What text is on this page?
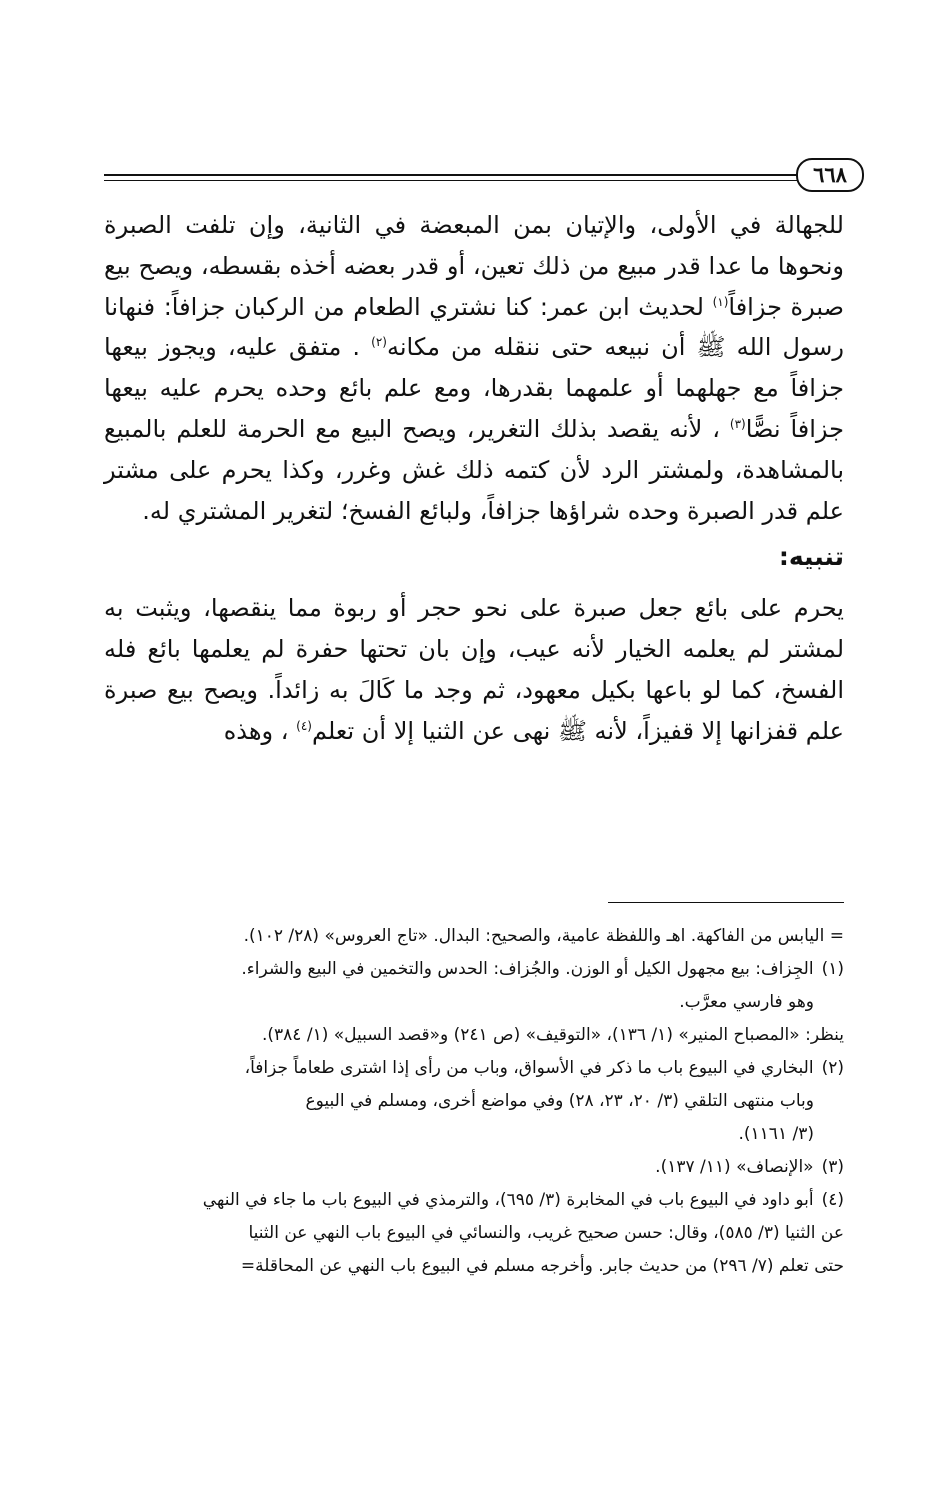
٦٦٨

للجهالة في الأولى، والإتيان بمن المبعضة في الثانية، وإن تلفت الصبرة ونحوها ما عدا قدر مبيع من ذلك تعين، أو قدر بعضه أخذه بقسطه، ويصح بيع صبرة جزافاً$^{(١)}$ لحديث ابن عمر: كنا نشتري الطعام من الركبان جزافاً: فنهانا رسول الله ﷺ أن نبيعه حتى ننقله من مكانه$^{(٢)}$ . متفق عليه، ويجوز بيعها جزافاً مع جهلهما أو علمهما بقدرها، ومع علم بائع وحده يحرم عليه بيعها جزافاً نصًّا$^{(٣)}$ ، لأنه يقصد بذلك التغرير، ويصح البيع مع الحرمة للعلم بالمبيع بالمشاهدة، ولمشتر الرد لأن كتمه ذلك غش وغرر، وكذا يحرم على مشتر علم قدر الصبرة وحده شراؤها جزافاً، ولبائع الفسخ؛ لتغرير المشتري له.

تنبيه:

يحرم على بائع جعل صبرة على نحو حجر أو ربوة مما ينقصها، ويثبت به لمشتر لم يعلمه الخيار لأنه عيب، وإن بان تحتها حفرة لم يعلمها بائع فله الفسخ، كما لو باعها بكيل معهود، ثم وجد ما كَالَ به زائداً. ويصح بيع صبرة علم قفزانها إلا قفيزاً، لأنه ﷺ نهى عن الثنيا إلا أن تعلم$^{(٤)}$ ، وهذه

= اليابس من الفاكهة. اهـ واللفظة عامية، والصحيح: البدال. «تاج العروس» (٢٨/ ١٠٢).

(١)الجِزاف: بيع مجهول الكيل أو الوزن. والجُزاف: الحدس والتخمين في البيع والشراء.

وهو فارسي معرَّب.

ينظر: «المصباح المنير» (١/ ١٣٦)، «التوقيف» (ص ٢٤١) و«قصد السبيل» (١/ ٣٨٤).

(٢)البخاري في البيوع باب ما ذكر في الأسواق، وباب من رأى إذا اشترى طعاماً جزافاً،

وباب منتهى التلقي (٣/ ٢٠، ٢٣، ٢٨) وفي مواضع أخرى، ومسلم في البيوع

(٣/ ١١٦١).

(٣)«الإنصاف» (١١/ ١٣٧).

(٤)أبو داود في البيوع باب في المخابرة (٣/ ٦٩٥)، والترمذي في البيوع باب ما جاء في النهي

عن الثنيا (٣/ ٥٨٥)، وقال: حسن صحيح غريب، والنسائي في البيوع باب النهي عن الثنيا

حتى تعلم (٧/ ٢٩٦) من حديث جابر. وأخرجه مسلم في البيوع باب النهي عن المحاقلة=
